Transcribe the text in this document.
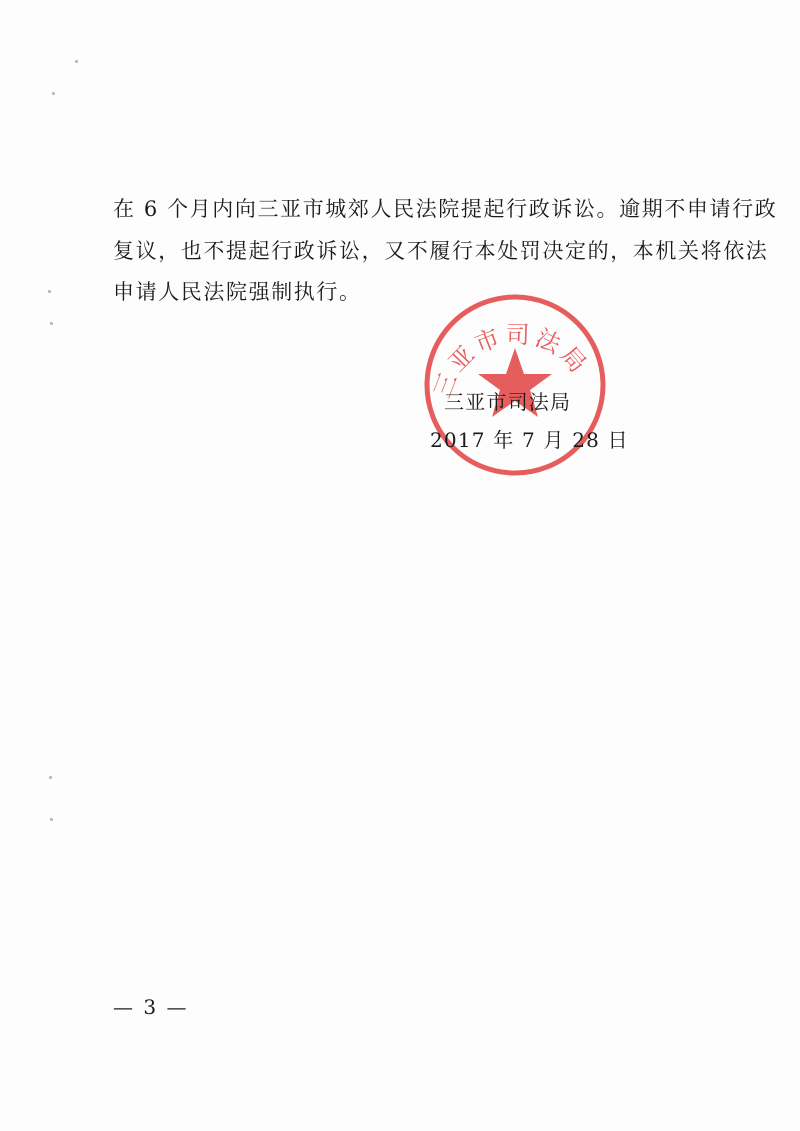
在 6 个月内向三亚市城郊人民法院提起行政诉讼。逾期不申请行政
复议，也不提起行政诉讼，又不履行本处罚决定的，本机关将依法
申请人民法院强制执行。
三亚市司法局
三亚市司法局
2017 年 7 月 28 日
— 3 —
